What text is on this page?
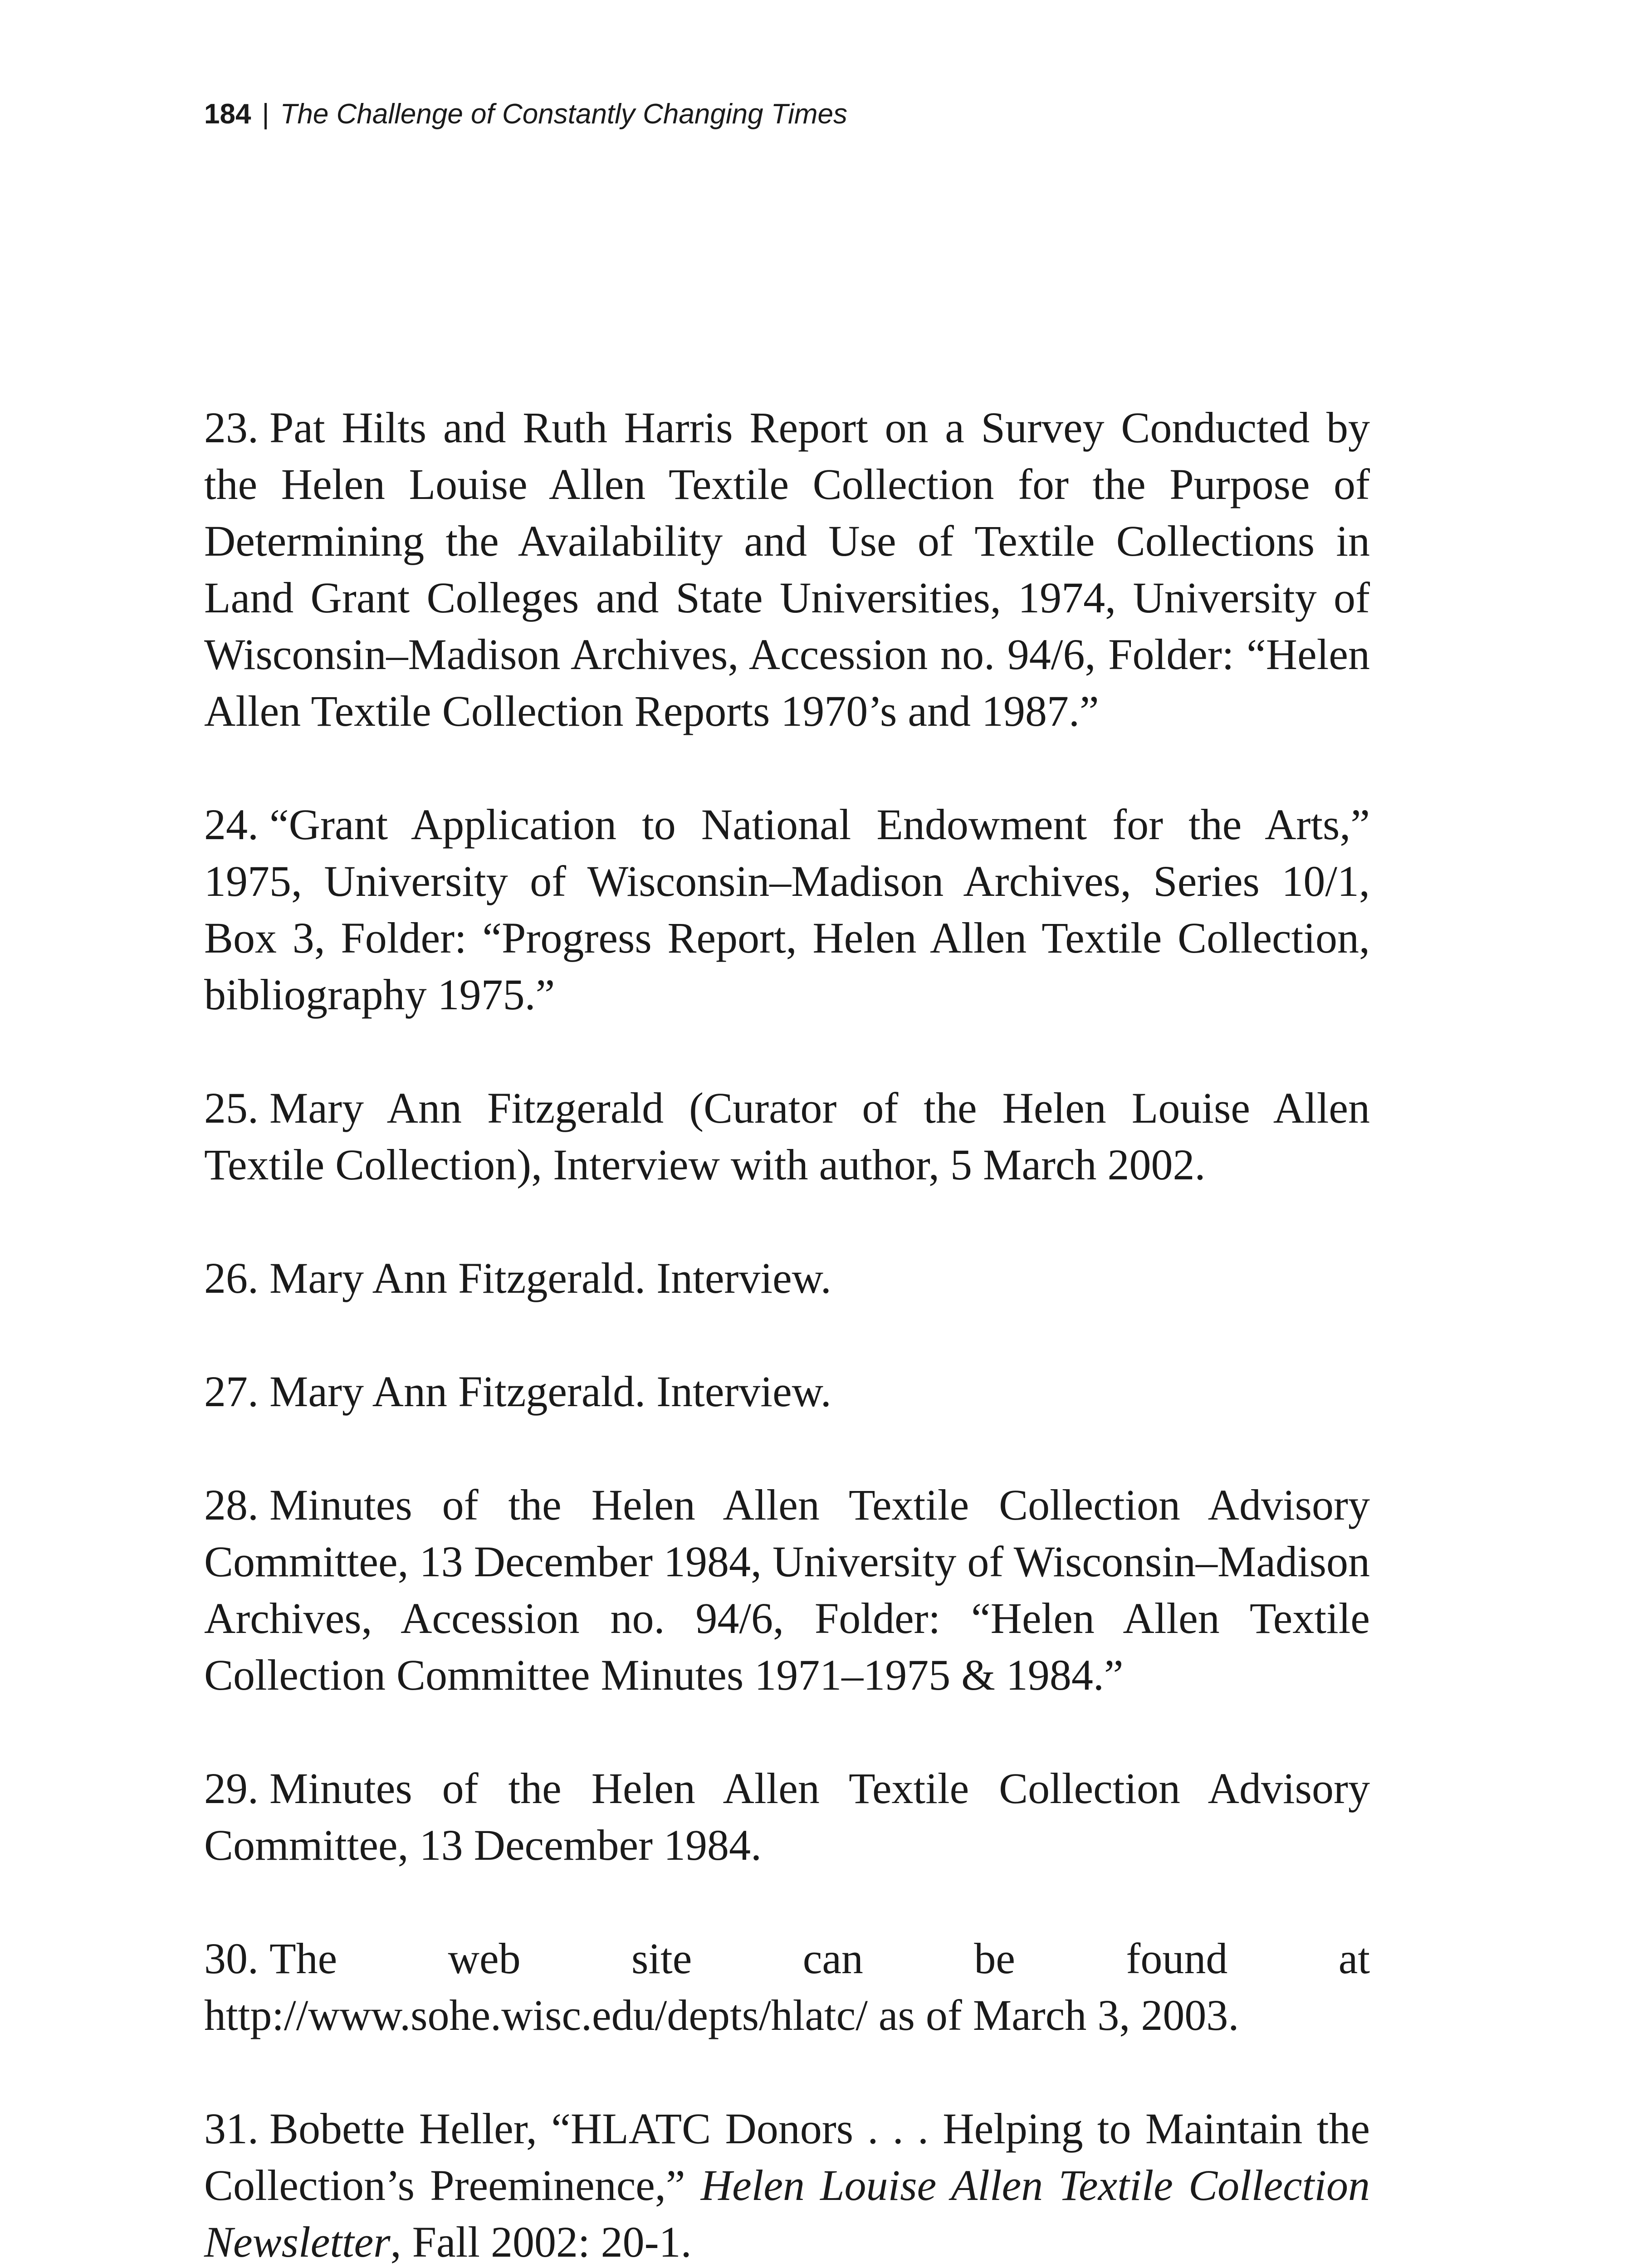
184 | The Challenge of Constantly Changing Times

23. Pat Hilts and Ruth Harris Report on a Survey Conducted by the Helen Louise Allen Textile Collection for the Purpose of Determining the Availability and Use of Textile Collections in Land Grant Colleges and State Universities, 1974, University of Wisconsin–Madison Archives, Accession no. 94/6, Folder: “Helen Allen Textile Collection Reports 1970’s and 1987.”

24. “Grant Application to National Endowment for the Arts,” 1975, University of Wisconsin–Madison Archives, Series 10/1, Box 3, Folder: “Progress Report, Helen Allen Textile Collection, bibliography 1975.”

25. Mary Ann Fitzgerald (Curator of the Helen Louise Allen Textile Collection), Interview with author, 5 March 2002.

26. Mary Ann Fitzgerald. Interview.

27. Mary Ann Fitzgerald. Interview.

28. Minutes of the Helen Allen Textile Collection Advisory Committee, 13 December 1984, University of Wisconsin–Madison Archives, Accession no. 94/6, Folder: “Helen Allen Textile Collection Committee Minutes 1971–1975 & 1984.”

29. Minutes of the Helen Allen Textile Collection Advisory Committee, 13 December 1984.

30. The web site can be found at http://www.sohe.wisc.edu/depts/hlatc/ as of March 3, 2003.

31. Bobette Heller, “HLATC Donors . . . Helping to Maintain the Collection’s Preeminence,” Helen Louise Allen Textile Collection Newsletter, Fall 2002: 20-1.
